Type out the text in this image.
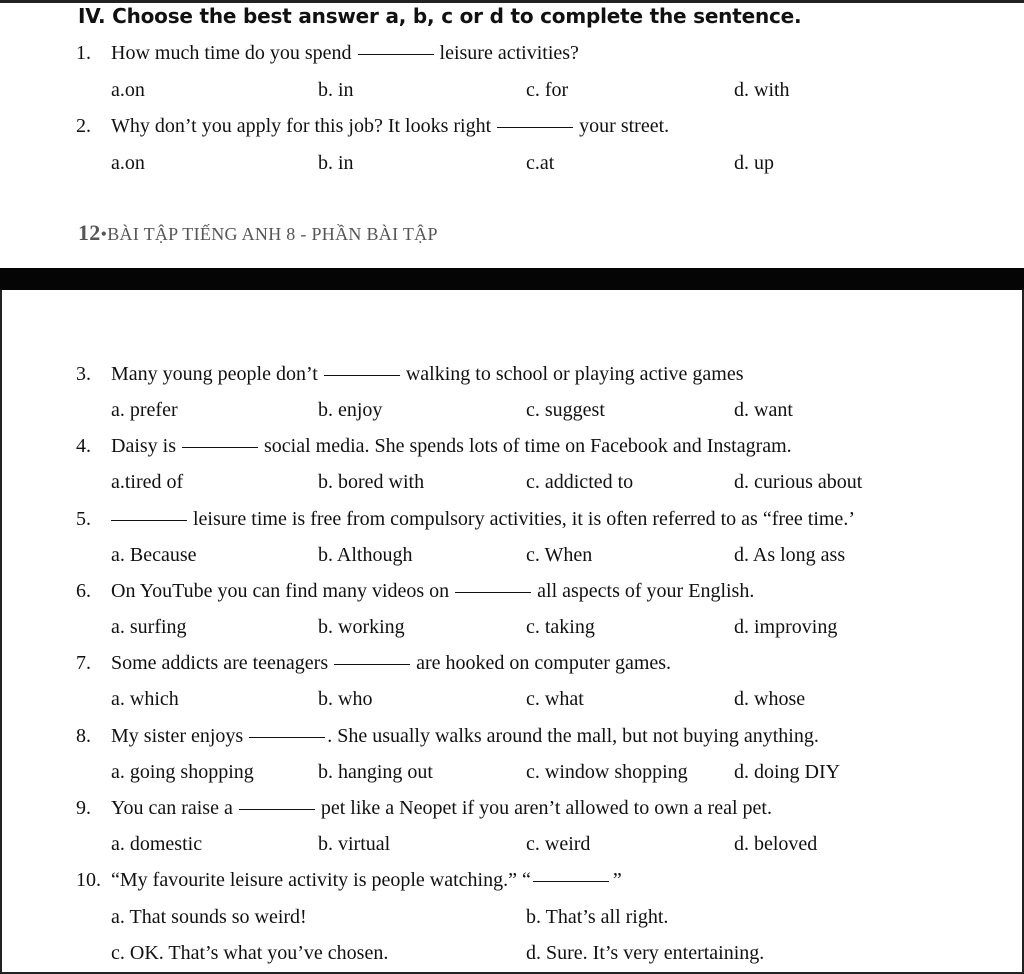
IV. Choose the best answer a, b, c or d to complete the sentence.
1. How much time do you spend	leisure activities?
a.on	b. in	c. for	d. with
2. Why don’t you apply for this job? It looks right	your street.
a.on	b. in	c.at	d. up
12•BÀI TẬP TIẾNG ANH 8 - PHẦN BÀI TẬP
3. Many young people don’t	walking to school or playing active games
a. prefer	b. enjoy	c. suggest	d. want
4. Daisy is	social media. She spends lots of time on Facebook and Instagram.
a.tired of	b. bored with	c. addicted to	d. curious about
5.	leisure time is free from compulsory activities, it is often referred to as “free time.’
a. Because	b. Although	c. When	d. As long ass
6. On YouTube you can find many videos on	all aspects of your English.
a. surfing	b. working	c. taking	d. improving
7. Some addicts are teenagers	are hooked on computer games.
a. which	b. who	c. what	d. whose
8. My sister enjoys	. She usually walks around the mall, but not buying anything.
a. going shopping	b. hanging out	c. window shopping d. doing DIY
9. You can raise a	pet like a Neopet if you aren’t allowed to own a real pet.
a. domestic	b. virtual	c. weird	d. beloved
10. “My favourite leisure activity is people watching.” “	”
a. That sounds so weird!	b. That’s all right.
c. OK. That’s what you’ve chosen.	d. Sure. It’s very entertaining.
